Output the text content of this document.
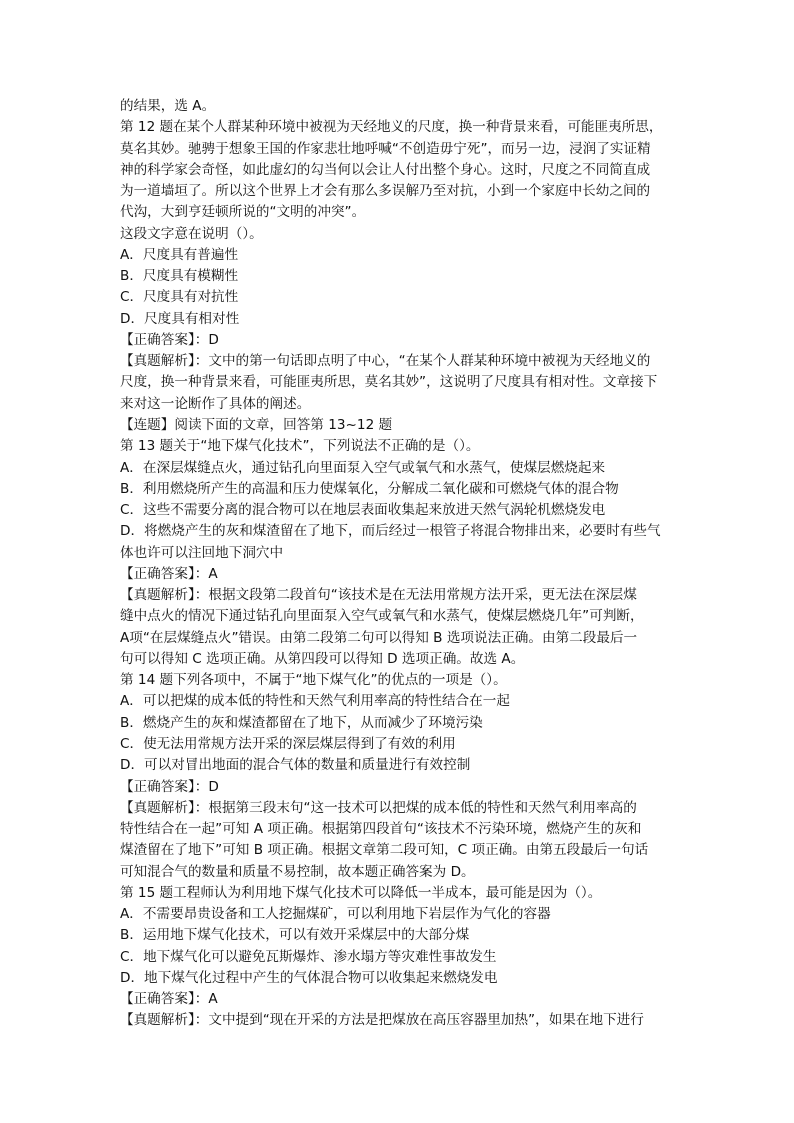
的结果，选 A。
第 12 题在某个人群某种环境中被视为天经地义的尺度，换一种背景来看，可能匪夷所思，
莫名其妙。驰骋于想象王国的作家悲壮地呼喊“不创造毋宁死”，而另一边，浸润了实证精
神的科学家会奇怪，如此虚幻的勾当何以会让人付出整个身心。这时，尺度之不同简直成
为一道墙垣了。所以这个世界上才会有那么多误解乃至对抗，小到一个家庭中长幼之间的
代沟，大到亨廷顿所说的“文明的冲突”。
这段文字意在说明（）。
A．尺度具有普遍性
B．尺度具有模糊性
C．尺度具有对抗性
D．尺度具有相对性
【正确答案】：D
【真题解析】：文中的第一句话即点明了中心，“在某个人群某种环境中被视为天经地义的
尺度，换一种背景来看，可能匪夷所思，莫名其妙”，这说明了尺度具有相对性。文章接下
来对这一论断作了具体的阐述。
【连题】阅读下面的文章，回答第 13~12 题
第 13 题关于“地下煤气化技术”，下列说法不正确的是（）。
A．在深层煤缝点火，通过钻孔向里面泵入空气或氧气和水蒸气，使煤层燃烧起来
B．利用燃烧所产生的高温和压力使煤氧化，分解成二氧化碳和可燃烧气体的混合物
C．这些不需要分离的混合物可以在地层表面收集起来放进天然气涡轮机燃烧发电
D．将燃烧产生的灰和煤渣留在了地下，而后经过一根管子将混合物排出来，必要时有些气
体也许可以注回地下洞穴中
【正确答案】：A
【真题解析】：根据文段第二段首句“该技术是在无法用常规方法开采，更无法在深层煤
缝中点火的情况下通过钻孔向里面泵入空气或氧气和水蒸气，使煤层燃烧几年”可判断，
A项“在层煤缝点火”错误。由第二段第二句可以得知 B 选项说法正确。由第二段最后一
句可以得知 C 选项正确。从第四段可以得知 D 选项正确。故选 A。
第 14 题下列各项中，不属于“地下煤气化”的优点的一项是（）。
A．可以把煤的成本低的特性和天然气利用率高的特性结合在一起
B．燃烧产生的灰和煤渣都留在了地下，从而减少了环境污染
C．使无法用常规方法开采的深层煤层得到了有效的利用
D．可以对冒出地面的混合气体的数量和质量进行有效控制
【正确答案】：D
【真题解析】：根据第三段末句“这一技术可以把煤的成本低的特性和天然气利用率高的
特性结合在一起”可知 A 项正确。根据第四段首句“该技术不污染环境，燃烧产生的灰和
煤渣留在了地下”可知 B 项正确。根据文章第二段可知，C 项正确。由第五段最后一句话
可知混合气的数量和质量不易控制，故本题正确答案为 D。
第 15 题工程师认为利用地下煤气化技术可以降低一半成本，最可能是因为（）。
A．不需要昂贵设备和工人挖掘煤矿，可以利用地下岩层作为气化的容器
B．运用地下煤气化技术，可以有效开采煤层中的大部分煤
C．地下煤气化可以避免瓦斯爆炸、渗水塌方等灾难性事故发生
D．地下煤气化过程中产生的气体混合物可以收集起来燃烧发电
【正确答案】：A
【真题解析】：文中提到“现在开采的方法是把煤放在高压容器里加热”，如果在地下进行
